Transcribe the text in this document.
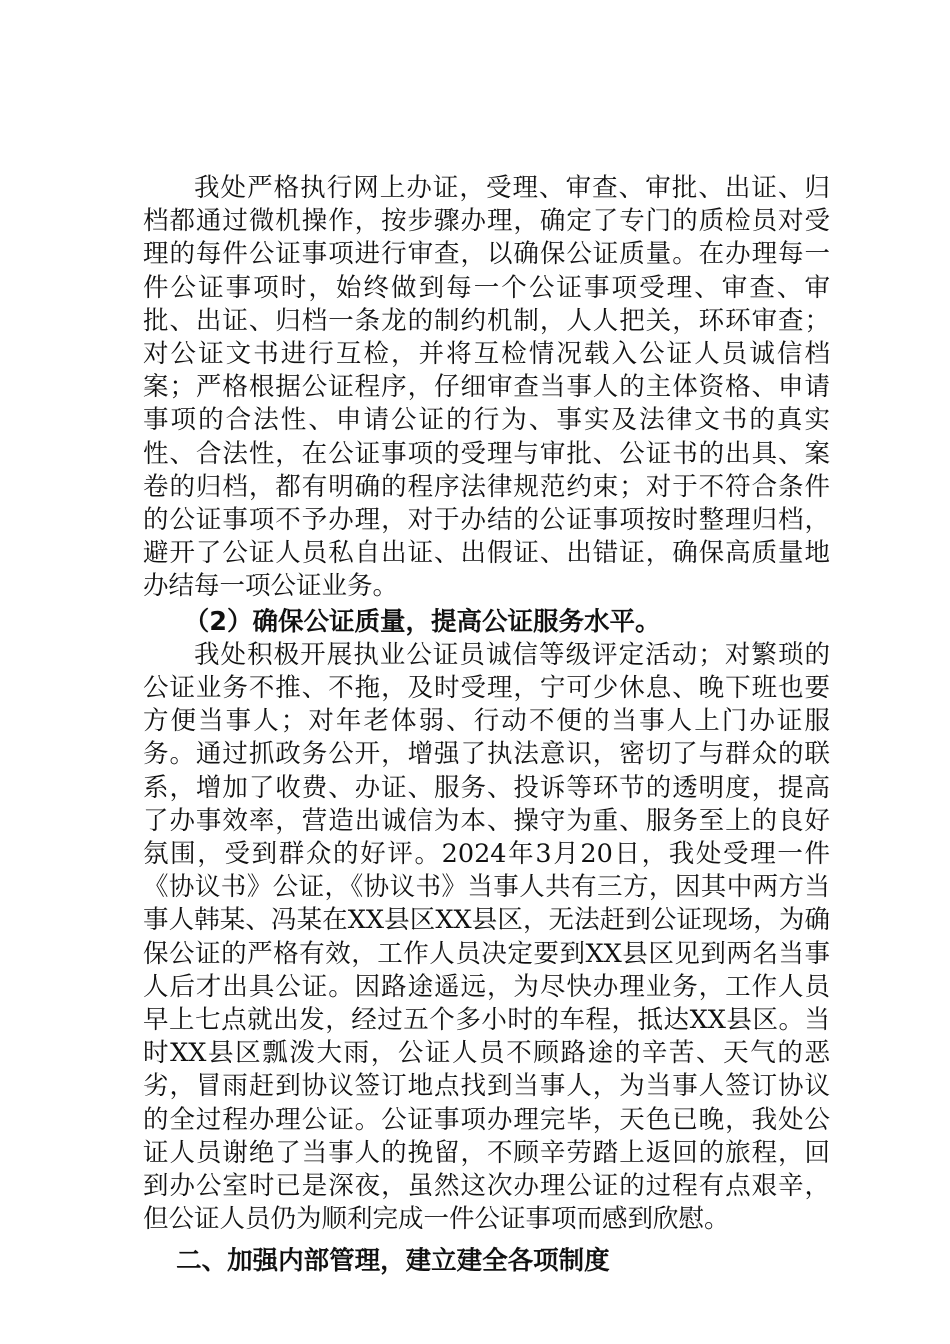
我处严格执行网上办证，受理、审查、审批、出证、归档都通过微机操作，按步骤办理，确定了专门的质检员对受理的每件公证事项进行审查，以确保公证质量。在办理每一件公证事项时，始终做到每一个公证事项受理、审查、审批、出证、归档一条龙的制约机制，人人把关，环环审查；对公证文书进行互检，并将互检情况载入公证人员诚信档案；严格根据公证程序，仔细审查当事人的主体资格、申请事项的合法性、申请公证的行为、事实及法律文书的真实性、合法性，在公证事项的受理与审批、公证书的出具、案卷的归档，都有明确的程序法律规范约束；对于不符合条件的公证事项不予办理，对于办结的公证事项按时整理归档，避开了公证人员私自出证、出假证、出错证，确保高质量地办结每一项公证业务。

（2）确保公证质量，提高公证服务水平。

我处积极开展执业公证员诚信等级评定活动；对繁琐的公证业务不推、不拖，及时受理，宁可少休息、晚下班也要方便当事人；对年老体弱、行动不便的当事人上门办证服务。通过抓政务公开，增强了执法意识，密切了与群众的联系，增加了收费、办证、服务、投诉等环节的透明度，提高了办事效率，营造出诚信为本、操守为重、服务至上的良好氛围，受到群众的好评。2024年3月20日，我处受理一件《协议书》公证，《协议书》当事人共有三方，因其中两方当事人韩某、冯某在XX县区XX县区，无法赶到公证现场，为确保公证的严格有效，工作人员决定要到XX县区见到两名当事人后才出具公证。因路途遥远，为尽快办理业务，工作人员早上七点就出发，经过五个多小时的车程，抵达XX县区。当时XX县区瓢泼大雨，公证人员不顾路途的辛苦、天气的恶劣，冒雨赶到协议签订地点找到当事人，为当事人签订协议的全过程办理公证。公证事项办理完毕，天色已晚，我处公证人员谢绝了当事人的挽留，不顾辛劳踏上返回的旅程，回到办公室时已是深夜，虽然这次办理公证的过程有点艰辛，但公证人员仍为顺利完成一件公证事项而感到欣慰。

二、加强内部管理，建立建全各项制度
